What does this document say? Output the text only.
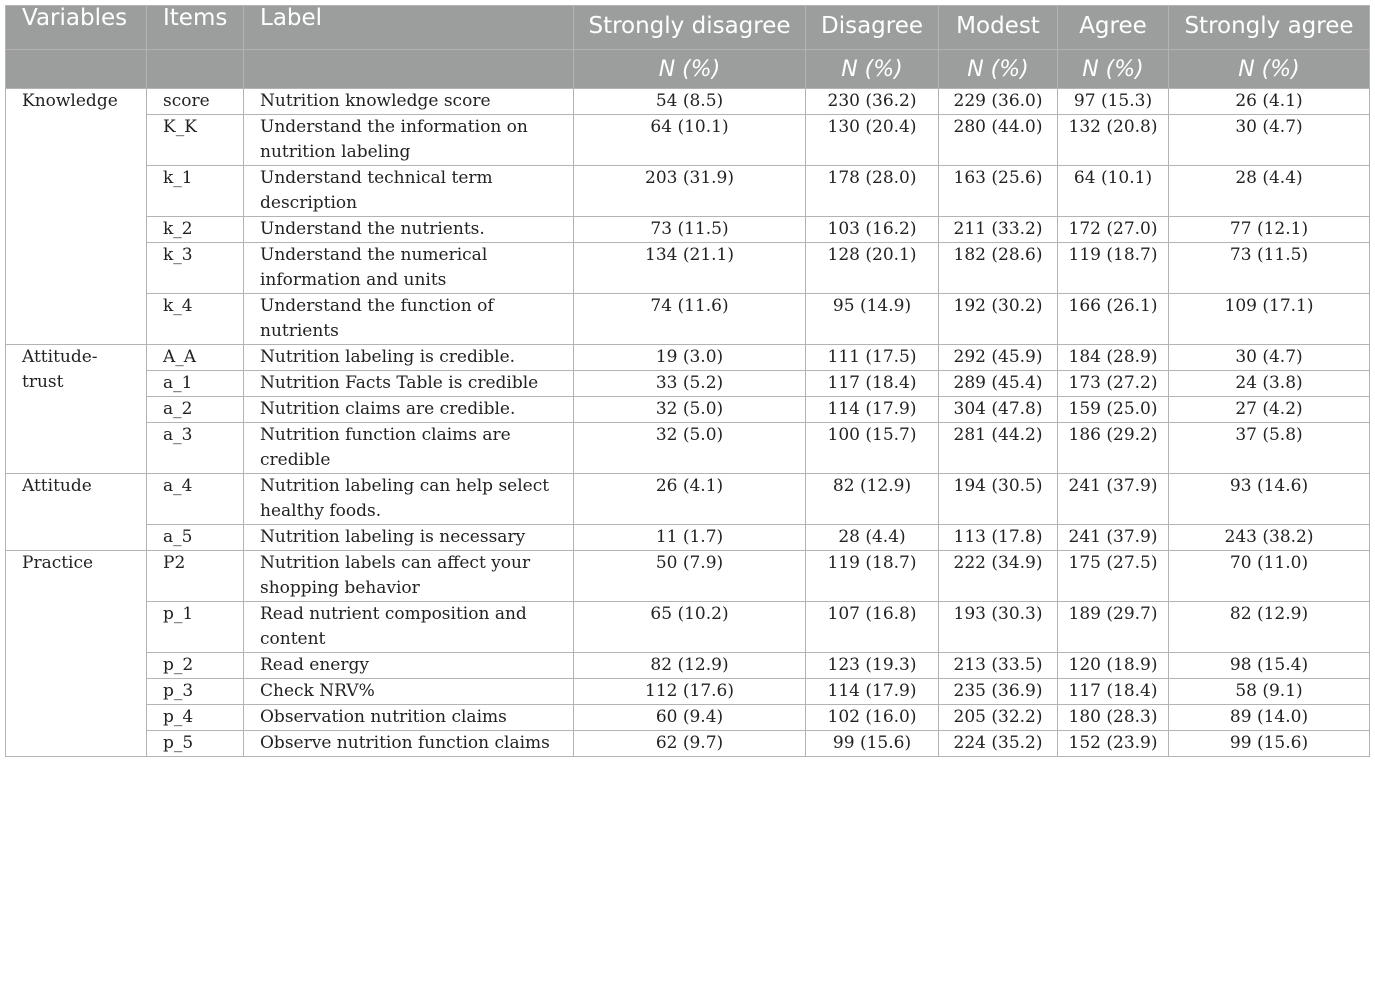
Variables	Items	Label	Strongly disagree	Disagree	Modest	Agree	Strongly agree
			N (%)	N (%)	N (%)	N (%)	N (%)
Knowledge	score	Nutrition knowledge score	54 (8.5)	230 (36.2)	229 (36.0)	97 (15.3)	26 (4.1)
	K_K	Understand the information on nutrition labeling	64 (10.1)	130 (20.4)	280 (44.0)	132 (20.8)	30 (4.7)
	k_1	Understand technical term description	203 (31.9)	178 (28.0)	163 (25.6)	64 (10.1)	28 (4.4)
	k_2	Understand the nutrients.	73 (11.5)	103 (16.2)	211 (33.2)	172 (27.0)	77 (12.1)
	k_3	Understand the numerical information and units	134 (21.1)	128 (20.1)	182 (28.6)	119 (18.7)	73 (11.5)
	k_4	Understand the function of nutrients	74 (11.6)	95 (14.9)	192 (30.2)	166 (26.1)	109 (17.1)
Attitude-trust	A_A	Nutrition labeling is credible.	19 (3.0)	111 (17.5)	292 (45.9)	184 (28.9)	30 (4.7)
	a_1	Nutrition Facts Table is credible	33 (5.2)	117 (18.4)	289 (45.4)	173 (27.2)	24 (3.8)
	a_2	Nutrition claims are credible.	32 (5.0)	114 (17.9)	304 (47.8)	159 (25.0)	27 (4.2)
	a_3	Nutrition function claims are credible	32 (5.0)	100 (15.7)	281 (44.2)	186 (29.2)	37 (5.8)
Attitude	a_4	Nutrition labeling can help select healthy foods.	26 (4.1)	82 (12.9)	194 (30.5)	241 (37.9)	93 (14.6)
	a_5	Nutrition labeling is necessary	11 (1.7)	28 (4.4)	113 (17.8)	241 (37.9)	243 (38.2)
Practice	P2	Nutrition labels can affect your shopping behavior	50 (7.9)	119 (18.7)	222 (34.9)	175 (27.5)	70 (11.0)
	p_1	Read nutrient composition and content	65 (10.2)	107 (16.8)	193 (30.3)	189 (29.7)	82 (12.9)
	p_2	Read energy	82 (12.9)	123 (19.3)	213 (33.5)	120 (18.9)	98 (15.4)
	p_3	Check NRV%	112 (17.6)	114 (17.9)	235 (36.9)	117 (18.4)	58 (9.1)
	p_4	Observation nutrition claims	60 (9.4)	102 (16.0)	205 (32.2)	180 (28.3)	89 (14.0)
	p_5	Observe nutrition function claims	62 (9.7)	99 (15.6)	224 (35.2)	152 (23.9)	99 (15.6)
